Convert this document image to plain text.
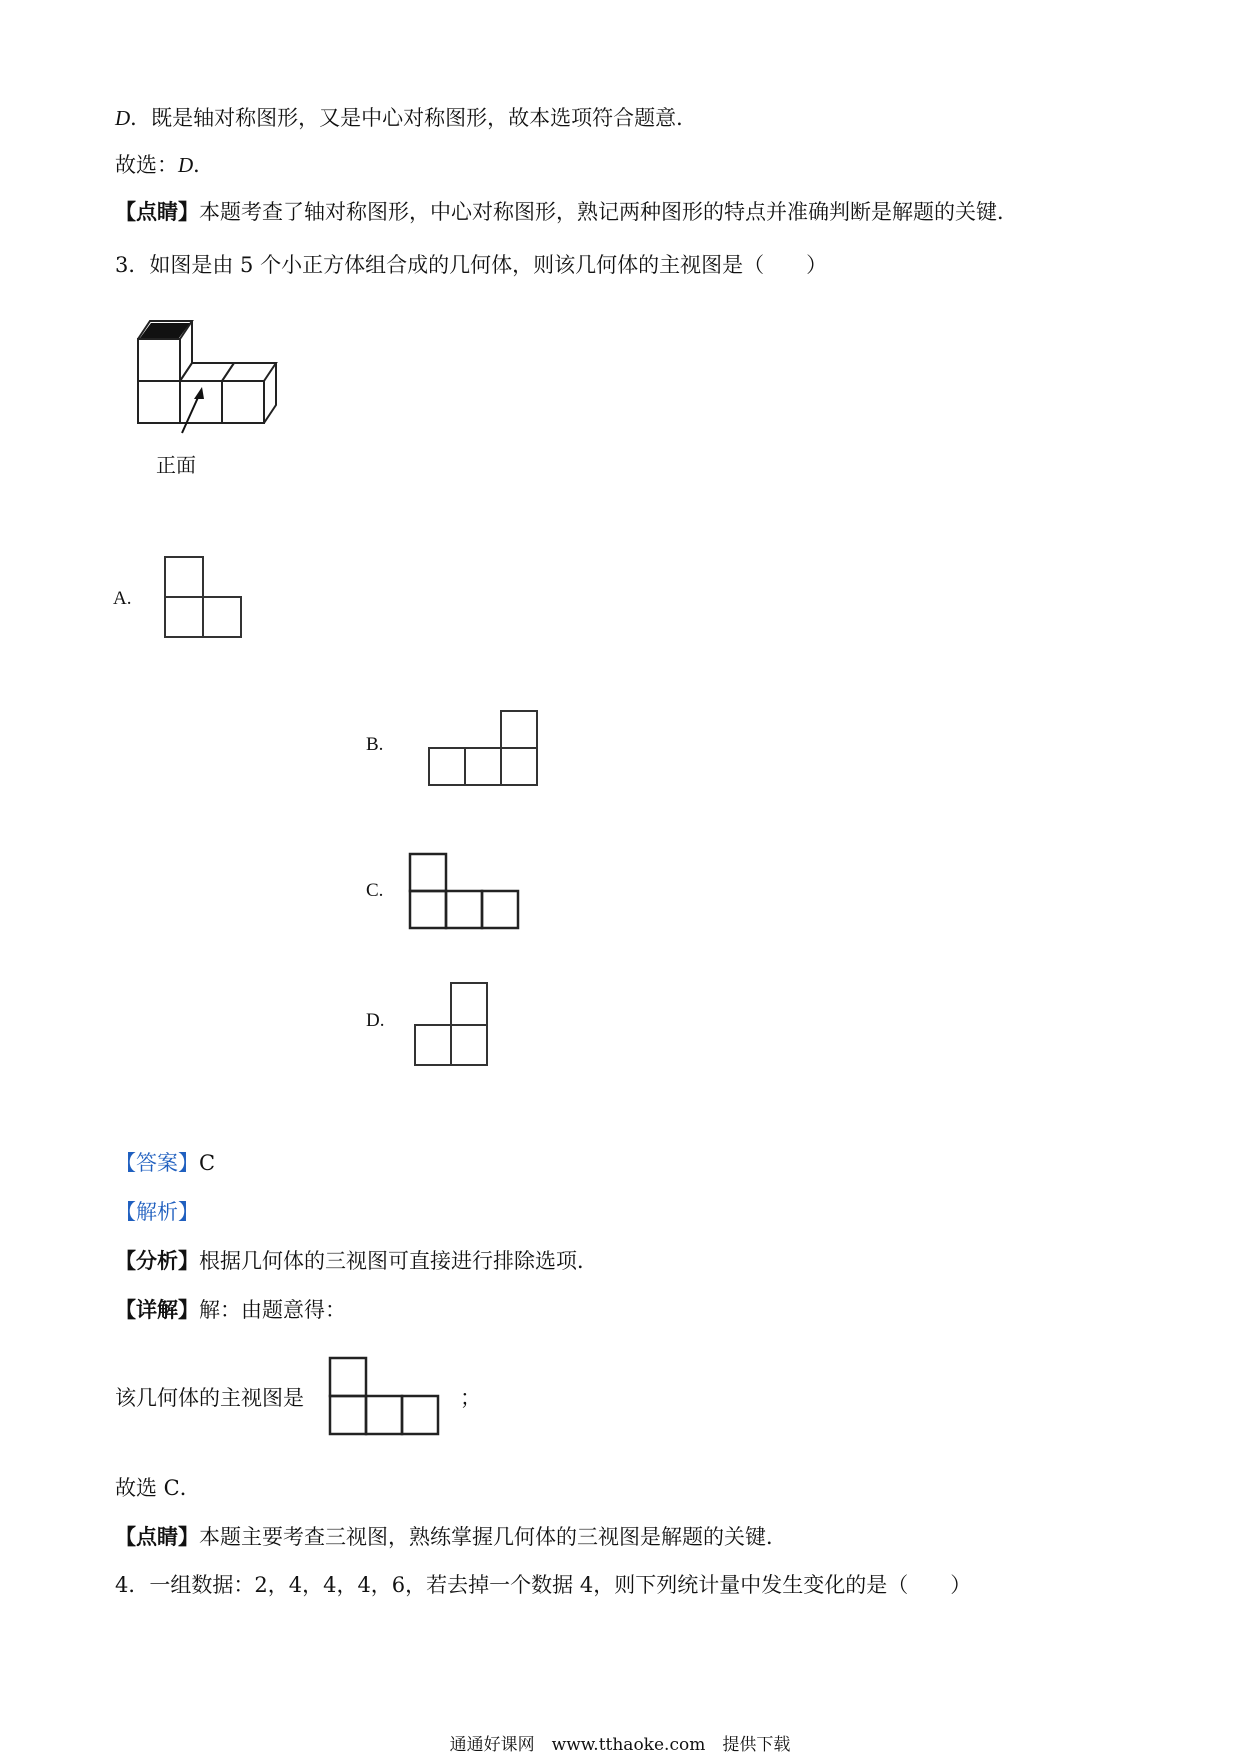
D．既是轴对称图形，又是中心对称图形，故本选项符合题意．
故选：D．
【点睛】本题考查了轴对称图形，中心对称图形，熟记两种图形的特点并准确判断是解题的关键．
3．如图是由 5 个小正方体组合成的几何体，则该几何体的主视图是（　　）
正面
A.
B.
C.
D.
【答案】C
【解析】
【分析】根据几何体的三视图可直接进行排除选项．
【详解】解：由题意得：
该几何体的主视图是	；
故选 C．
【点睛】本题主要考查三视图，熟练掌握几何体的三视图是解题的关键．
4．一组数据：2，4，4，4，6，若去掉一个数据 4，则下列统计量中发生变化的是（　　）
通通好课网　www.tthaoke.com　提供下载
